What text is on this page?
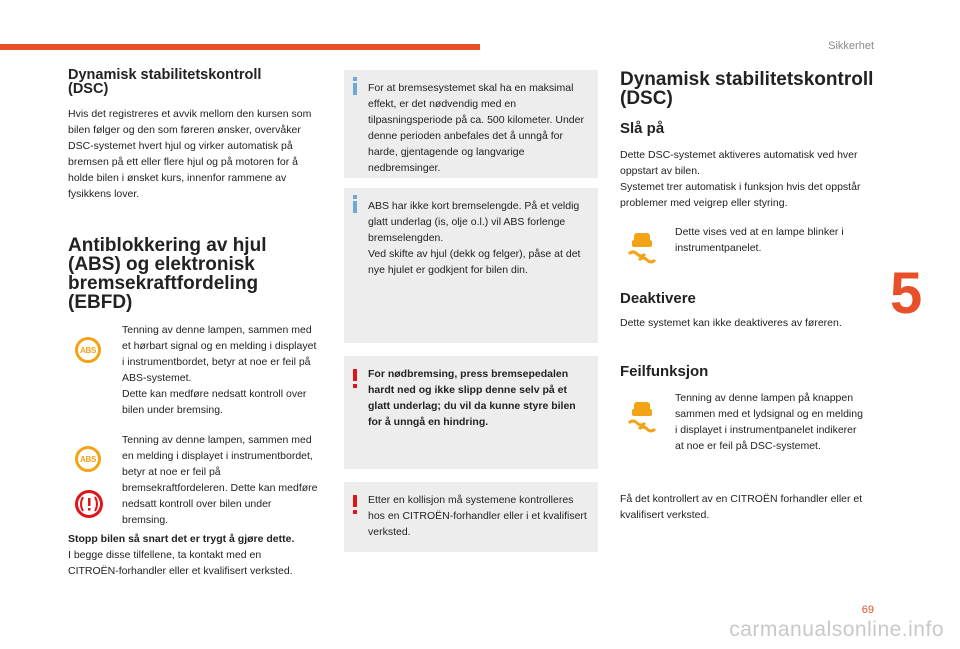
Sikkerhet
5
Dynamisk stabilitetskontroll (DSC)

Hvis det registreres et avvik mellom den kursen som bilen følger og den som føreren ønsker, overvåker DSC-systemet hvert hjul og virker automatisk på bremsen på ett eller flere hjul og på motoren for å holde bilen i ønsket kurs, innenfor rammene av fysikkens lover.

Antiblokkering av hjul (ABS) og elektronisk bremsekraftfordeling (EBFD)
ABS

Tenning av denne lampen, sammen med et hørbart signal og en melding i displayet i instrumentbordet, betyr at noe er feil på ABS-systemet.
Dette kan medføre nedsatt kontroll over bilen under bremsing.

ABS

Tenning av denne lampen, sammen med en melding i displayet i instrumentbordet, betyr at noe er feil på bremsekraftfordeleren. Dette kan medføre nedsatt kontroll over bilen under bremsing.

Stopp bilen så snart det er trygt å gjøre dette.

I begge disse tilfellene, ta kontakt med en CITROËN-forhandler eller et kvalifisert verksted.

For at bremsesystemet skal ha en maksimal effekt, er det nødvendig med en tilpasningsperiode på ca. 500 kilometer. Under denne perioden anbefales det å unngå for harde, gjentagende og langvarige nedbremsinger.

ABS har ikke kort bremselengde. På et veldig glatt underlag (is, olje o.l.) vil ABS forlenge bremselengden.
Ved skifte av hjul (dekk og felger), påse at det nye hjulet er godkjent for bilen din.

For nødbremsing, press bremsepedalen hardt ned og ikke slipp denne selv på et glatt underlag; du vil da kunne styre bilen for å unngå en hindring.

Etter en kollisjon må systemene kontrolleres hos en CITROËN-forhandler eller i et kvalifisert verksted.

Dynamisk stabilitetskontroll (DSC)
Slå på

Dette DSC-systemet aktiveres automatisk ved hver oppstart av bilen.
Systemet trer automatisk i funksjon hvis det oppstår problemer med veigrep eller styring.

Dette vises ved at en lampe blinker i instrumentpanelet.

Deaktivere

Dette systemet kan ikke deaktiveres av føreren.

Feilfunksjon

Tenning av denne lampen på knappen sammen med et lydsignal og en melding i displayet i instrumentpanelet indikerer at noe er feil på DSC-systemet.

Få det kontrollert av en CITROËN forhandler eller et kvalifisert verksted.

69
carmanualsonline.info
